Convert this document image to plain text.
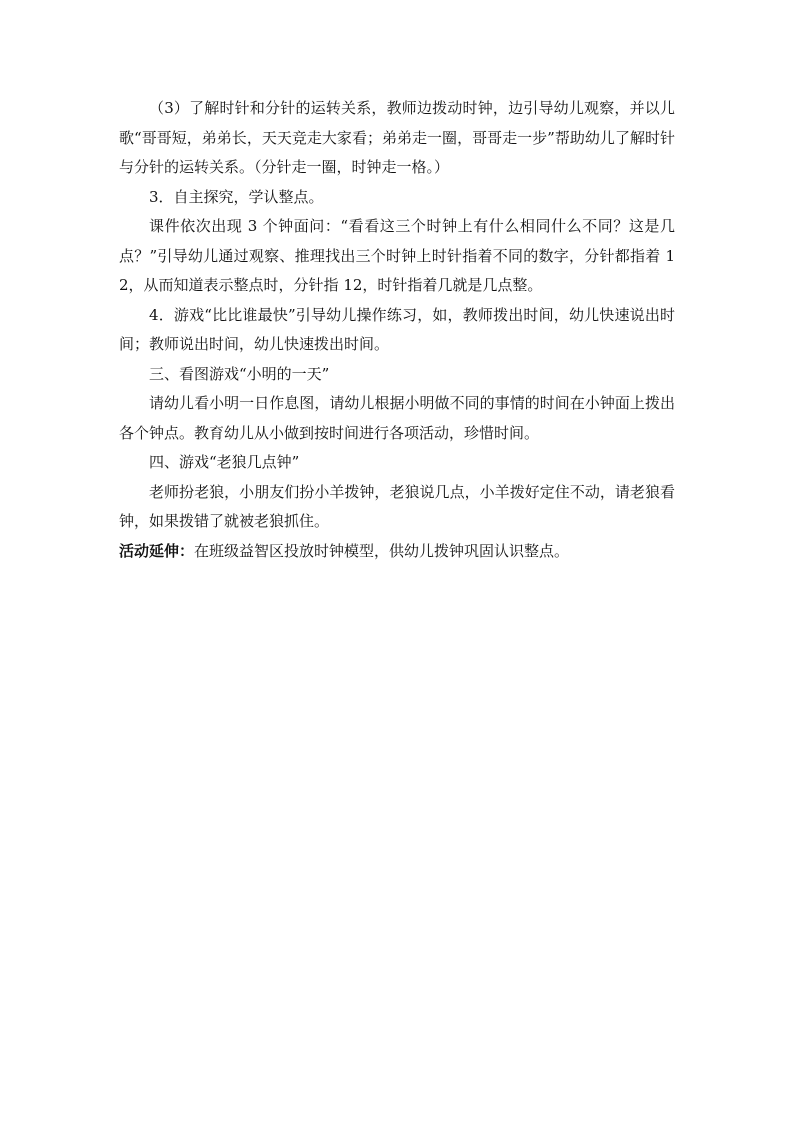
（3）了解时针和分针的运转关系，教师边拨动时钟，边引导幼儿观察，并以儿歌“哥哥短，弟弟长，天天竞走大家看；弟弟走一圈，哥哥走一步”帮助幼儿了解时针与分针的运转关系。（分针走一圈，时钟走一格。）

3．自主探究，学认整点。

课件依次出现 3 个钟面问：“看看这三个时钟上有什么相同什么不同？这是几点？”引导幼儿通过观察、推理找出三个时钟上时针指着不同的数字，分针都指着 12，从而知道表示整点时，分针指 12，时针指着几就是几点整。

4．游戏“比比谁最快”引导幼儿操作练习，如，教师拨出时间，幼儿快速说出时间；教师说出时间，幼儿快速拨出时间。

三、看图游戏“小明的一天”

请幼儿看小明一日作息图，请幼儿根据小明做不同的事情的时间在小钟面上拨出各个钟点。教育幼儿从小做到按时间进行各项活动，珍惜时间。

四、游戏“老狼几点钟”

老师扮老狼，小朋友们扮小羊拨钟，老狼说几点，小羊拨好定住不动，请老狼看钟，如果拨错了就被老狼抓住。

活动延伸：在班级益智区投放时钟模型，供幼儿拨钟巩固认识整点。
